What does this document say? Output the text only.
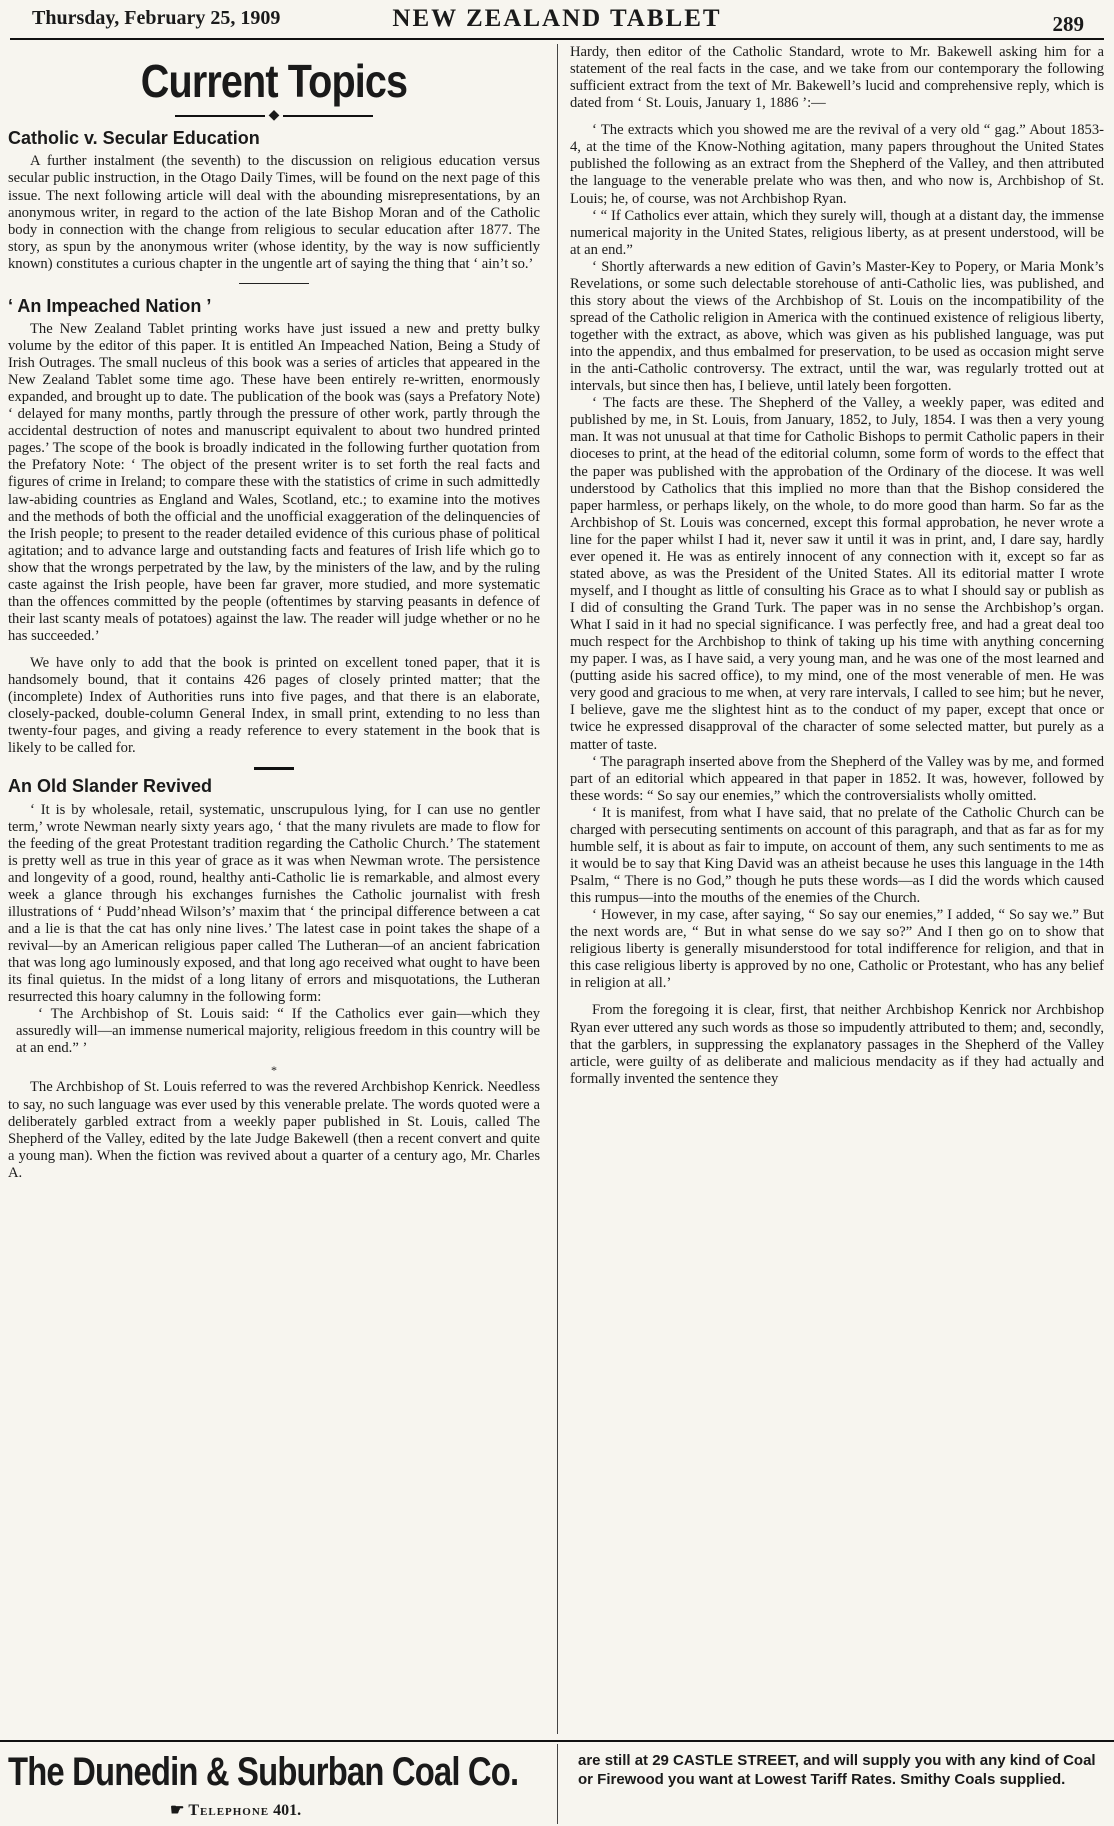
Thursday, February 25, 1909	NEW ZEALAND TABLET	289
Current Topics
◆
Catholic v. Secular Education

A further instalment (the seventh) to the discussion on religious education versus secular public instruction, in the Otago Daily Times, will be found on the next page of this issue. The next following article will deal with the abounding misrepresentations, by an anonymous writer, in regard to the action of the late Bishop Moran and of the Catholic body in connection with the change from religious to secular education after 1877. The story, as spun by the anonymous writer (whose identity, by the way is now sufficiently known) constitutes a curious chapter in the ungentle art of saying the thing that ‘ ain’t so.’

‘ An Impeached Nation ’

The New Zealand Tablet printing works have just issued a new and pretty bulky volume by the editor of this paper. It is entitled An Impeached Nation, Being a Study of Irish Outrages. The small nucleus of this book was a series of articles that appeared in the New Zealand Tablet some time ago. These have been entirely re-written, enormously expanded, and brought up to date. The publication of the book was (says a Prefatory Note) ‘ delayed for many months, partly through the pressure of other work, partly through the accidental destruction of notes and manuscript equivalent to about two hundred printed pages.’ The scope of the book is broadly indicated in the following further quotation from the Prefatory Note: ‘ The object of the present writer is to set forth the real facts and figures of crime in Ireland; to compare these with the statistics of crime in such admittedly law-abiding countries as England and Wales, Scotland, etc.; to examine into the motives and the methods of both the official and the unofficial exaggeration of the delinquencies of the Irish people; to present to the reader detailed evidence of this curious phase of political agitation; and to advance large and outstanding facts and features of Irish life which go to show that the wrongs perpetrated by the law, by the ministers of the law, and by the ruling caste against the Irish people, have been far graver, more studied, and more systematic than the offences committed by the people (oftentimes by starving peasants in defence of their last scanty meals of potatoes) against the law. The reader will judge whether or no he has succeeded.’

We have only to add that the book is printed on excellent toned paper, that it is handsomely bound, that it contains 426 pages of closely printed matter; that the (incomplete) Index of Authorities runs into five pages, and that there is an elaborate, closely-packed, double-column General Index, in small print, extending to no less than twenty-four pages, and giving a ready reference to every statement in the book that is likely to be called for.

An Old Slander Revived

‘ It is by wholesale, retail, systematic, unscrupulous lying, for I can use no gentler term,’ wrote Newman nearly sixty years ago, ‘ that the many rivulets are made to flow for the feeding of the great Protestant tradition regarding the Catholic Church.’ The statement is pretty well as true in this year of grace as it was when Newman wrote. The persistence and longevity of a good, round, healthy anti-Catholic lie is remarkable, and almost every week a glance through his exchanges furnishes the Catholic journalist with fresh illustrations of ‘ Pudd’nhead Wilson’s’ maxim that ‘ the principal difference between a cat and a lie is that the cat has only nine lives.’ The latest case in point takes the shape of a revival—by an American religious paper called The Lutheran—of an ancient fabrication that was long ago luminously exposed, and that long ago received what ought to have been its final quietus. In the midst of a long litany of errors and misquotations, the Lutheran resurrected this hoary calumny in the following form:

‘ The Archbishop of St. Louis said: “ If the Catholics ever gain—which they assuredly will—an immense numerical majority, religious freedom in this country will be at an end.” ’

*

The Archbishop of St. Louis referred to was the revered Archbishop Kenrick. Needless to say, no such language was ever used by this venerable prelate. The words quoted were a deliberately garbled extract from a weekly paper published in St. Louis, called The Shepherd of the Valley, edited by the late Judge Bakewell (then a recent convert and quite a young man). When the fiction was revived about a quarter of a century ago, Mr. Charles A.

Hardy, then editor of the Catholic Standard, wrote to Mr. Bakewell asking him for a statement of the real facts in the case, and we take from our contemporary the following sufficient extract from the text of Mr. Bakewell’s lucid and comprehensive reply, which is dated from ‘ St. Louis, January 1, 1886 ’:—

‘ The extracts which you showed me are the revival of a very old “ gag.” About 1853-4, at the time of the Know-Nothing agitation, many papers throughout the United States published the following as an extract from the Shepherd of the Valley, and then attributed the language to the venerable prelate who was then, and who now is, Archbishop of St. Louis; he, of course, was not Archbishop Ryan.

‘ “ If Catholics ever attain, which they surely will, though at a distant day, the immense numerical majority in the United States, religious liberty, as at present understood, will be at an end.”

‘ Shortly afterwards a new edition of Gavin’s Master-Key to Popery, or Maria Monk’s Revelations, or some such delectable storehouse of anti-Catholic lies, was published, and this story about the views of the Archbishop of St. Louis on the incompatibility of the spread of the Catholic religion in America with the continued existence of religious liberty, together with the extract, as above, which was given as his published language, was put into the appendix, and thus embalmed for preservation, to be used as occasion might serve in the anti-Catholic controversy. The extract, until the war, was regularly trotted out at intervals, but since then has, I believe, until lately been forgotten.

‘ The facts are these. The Shepherd of the Valley, a weekly paper, was edited and published by me, in St. Louis, from January, 1852, to July, 1854. I was then a very young man. It was not unusual at that time for Catholic Bishops to permit Catholic papers in their dioceses to print, at the head of the editorial column, some form of words to the effect that the paper was published with the approbation of the Ordinary of the diocese. It was well understood by Catholics that this implied no more than that the Bishop considered the paper harmless, or perhaps likely, on the whole, to do more good than harm. So far as the Archbishop of St. Louis was concerned, except this formal approbation, he never wrote a line for the paper whilst I had it, never saw it until it was in print, and, I dare say, hardly ever opened it. He was as entirely innocent of any connection with it, except so far as stated above, as was the President of the United States. All its editorial matter I wrote myself, and I thought as little of consulting his Grace as to what I should say or publish as I did of consulting the Grand Turk. The paper was in no sense the Archbishop’s organ. What I said in it had no special significance. I was perfectly free, and had a great deal too much respect for the Archbishop to think of taking up his time with anything concerning my paper. I was, as I have said, a very young man, and he was one of the most learned and (putting aside his sacred office), to my mind, one of the most venerable of men. He was very good and gracious to me when, at very rare intervals, I called to see him; but he never, I believe, gave me the slightest hint as to the conduct of my paper, except that once or twice he expressed disapproval of the character of some selected matter, but purely as a matter of taste.

‘ The paragraph inserted above from the Shepherd of the Valley was by me, and formed part of an editorial which appeared in that paper in 1852. It was, however, followed by these words: “ So say our enemies,” which the controversialists wholly omitted.

‘ It is manifest, from what I have said, that no prelate of the Catholic Church can be charged with persecuting sentiments on account of this paragraph, and that as far as for my humble self, it is about as fair to impute, on account of them, any such sentiments to me as it would be to say that King David was an atheist because he uses this language in the 14th Psalm, “ There is no God,” though he puts these words—as I did the words which caused this rumpus—into the mouths of the enemies of the Church.

‘ However, in my case, after saying, “ So say our enemies,” I added, “ So say we.” But the next words are, “ But in what sense do we say so?” And I then go on to show that religious liberty is generally misunderstood for total indifference for religion, and that in this case religious liberty is approved by no one, Catholic or Protestant, who has any belief in religion at all.’

From the foregoing it is clear, first, that neither Archbishop Kenrick nor Archbishop Ryan ever uttered any such words as those so impudently attributed to them; and, secondly, that the garblers, in suppressing the explanatory passages in the Shepherd of the Valley article, were guilty of as deliberate and malicious mendacity as if they had actually and formally invented the sentence they

The Dunedin & Suburban Coal Co.
☛ Telephone 401.
are still at 29 CASTLE STREET, and will supply you with any kind of Coal or Firewood you want at Lowest Tariff Rates. Smithy Coals supplied.
